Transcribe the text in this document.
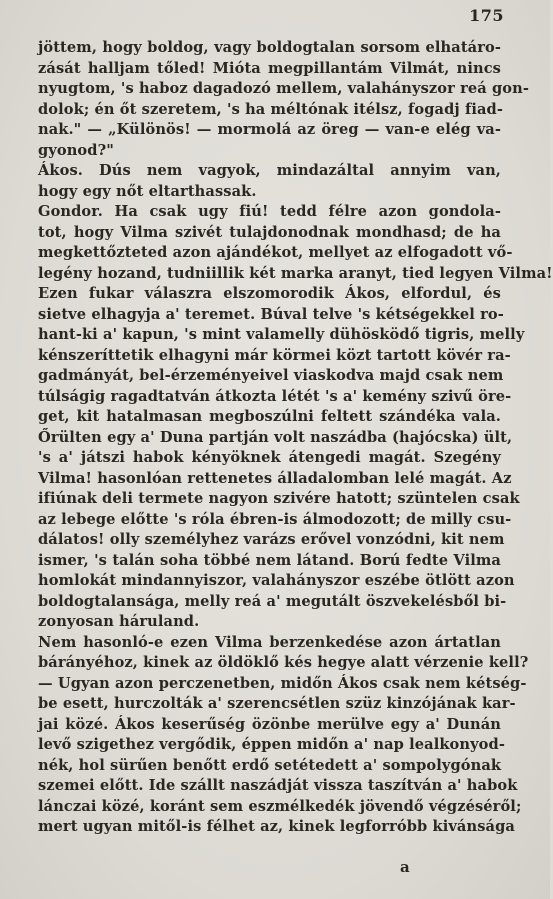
175
jöttem, hogy boldog, vagy boldogtalan sorsom elhatáro-
zását halljam tőled! Mióta megpillantám Vilmát, nincs
nyugtom, 's haboz dagadozó mellem, valahányszor reá gon-
dolok; én őt szeretem, 's ha méltónak itélsz, fogadj fiad-
nak." — „Különös! — mormolá az öreg — van-e elég va-
gyonod?"
Ákos. Dús nem vagyok, mindazáltal annyim van,
hogy egy nőt eltarthassak.
Gondor. Ha csak ugy fiú! tedd félre azon gondola-
tot, hogy Vilma szivét tulajdonodnak mondhasd; de ha
megkettőzteted azon ajándékot, mellyet az elfogadott vő-
legény hozand, tudniillik két marka aranyt, tied legyen Vilma!
Ezen fukar válaszra elszomorodik Ákos, elfordul, és
sietve elhagyja a' teremet. Búval telve 's kétségekkel ro-
hant-ki a' kapun, 's mint valamelly dühösködő tigris, melly
kénszeríttetik elhagyni már körmei közt tartott kövér ra-
gadmányát, bel-érzeményeivel viaskodva majd csak nem
túlságig ragadtatván átkozta létét 's a' kemény szivű öre-
get, kit hatalmasan megboszúlni feltett szándéka vala.
Őrülten egy a' Duna partján volt naszádba (hajócska) ült,
's a' játszi habok kényöknek átengedi magát. Szegény
Vilma! hasonlóan rettenetes álladalomban lelé magát. Az
ifiúnak deli termete nagyon szivére hatott; szüntelen csak
az lebege előtte 's róla ébren-is álmodozott; de milly csu-
dálatos! olly személyhez varázs erővel vonzódni, kit nem
ismer, 's talán soha többé nem látand. Ború fedte Vilma
homlokát mindannyiszor, valahányszor eszébe ötlött azon
boldogtalansága, melly reá a' megutált öszvekelésből bi-
zonyosan háruland.
Nem hasonló-e ezen Vilma berzenkedése azon ártatlan
bárányéhoz, kinek az öldöklő kés hegye alatt vérzenie kell?
— Ugyan azon perczenetben, midőn Ákos csak nem kétség-
be esett, hurczolták a' szerencsétlen szüz kinzójának kar-
jai közé. Ákos keserűség özönbe merülve egy a' Dunán
levő szigethez vergődik, éppen midőn a' nap lealkonyod-
nék, hol sürűen benőtt erdő setétedett a' sompolygónak
szemei előtt. Ide szállt naszádját vissza taszítván a' habok
lánczai közé, koránt sem eszmélkedék jövendő végzéséről;
mert ugyan mitől-is félhet az, kinek legforróbb kivánsága
a
